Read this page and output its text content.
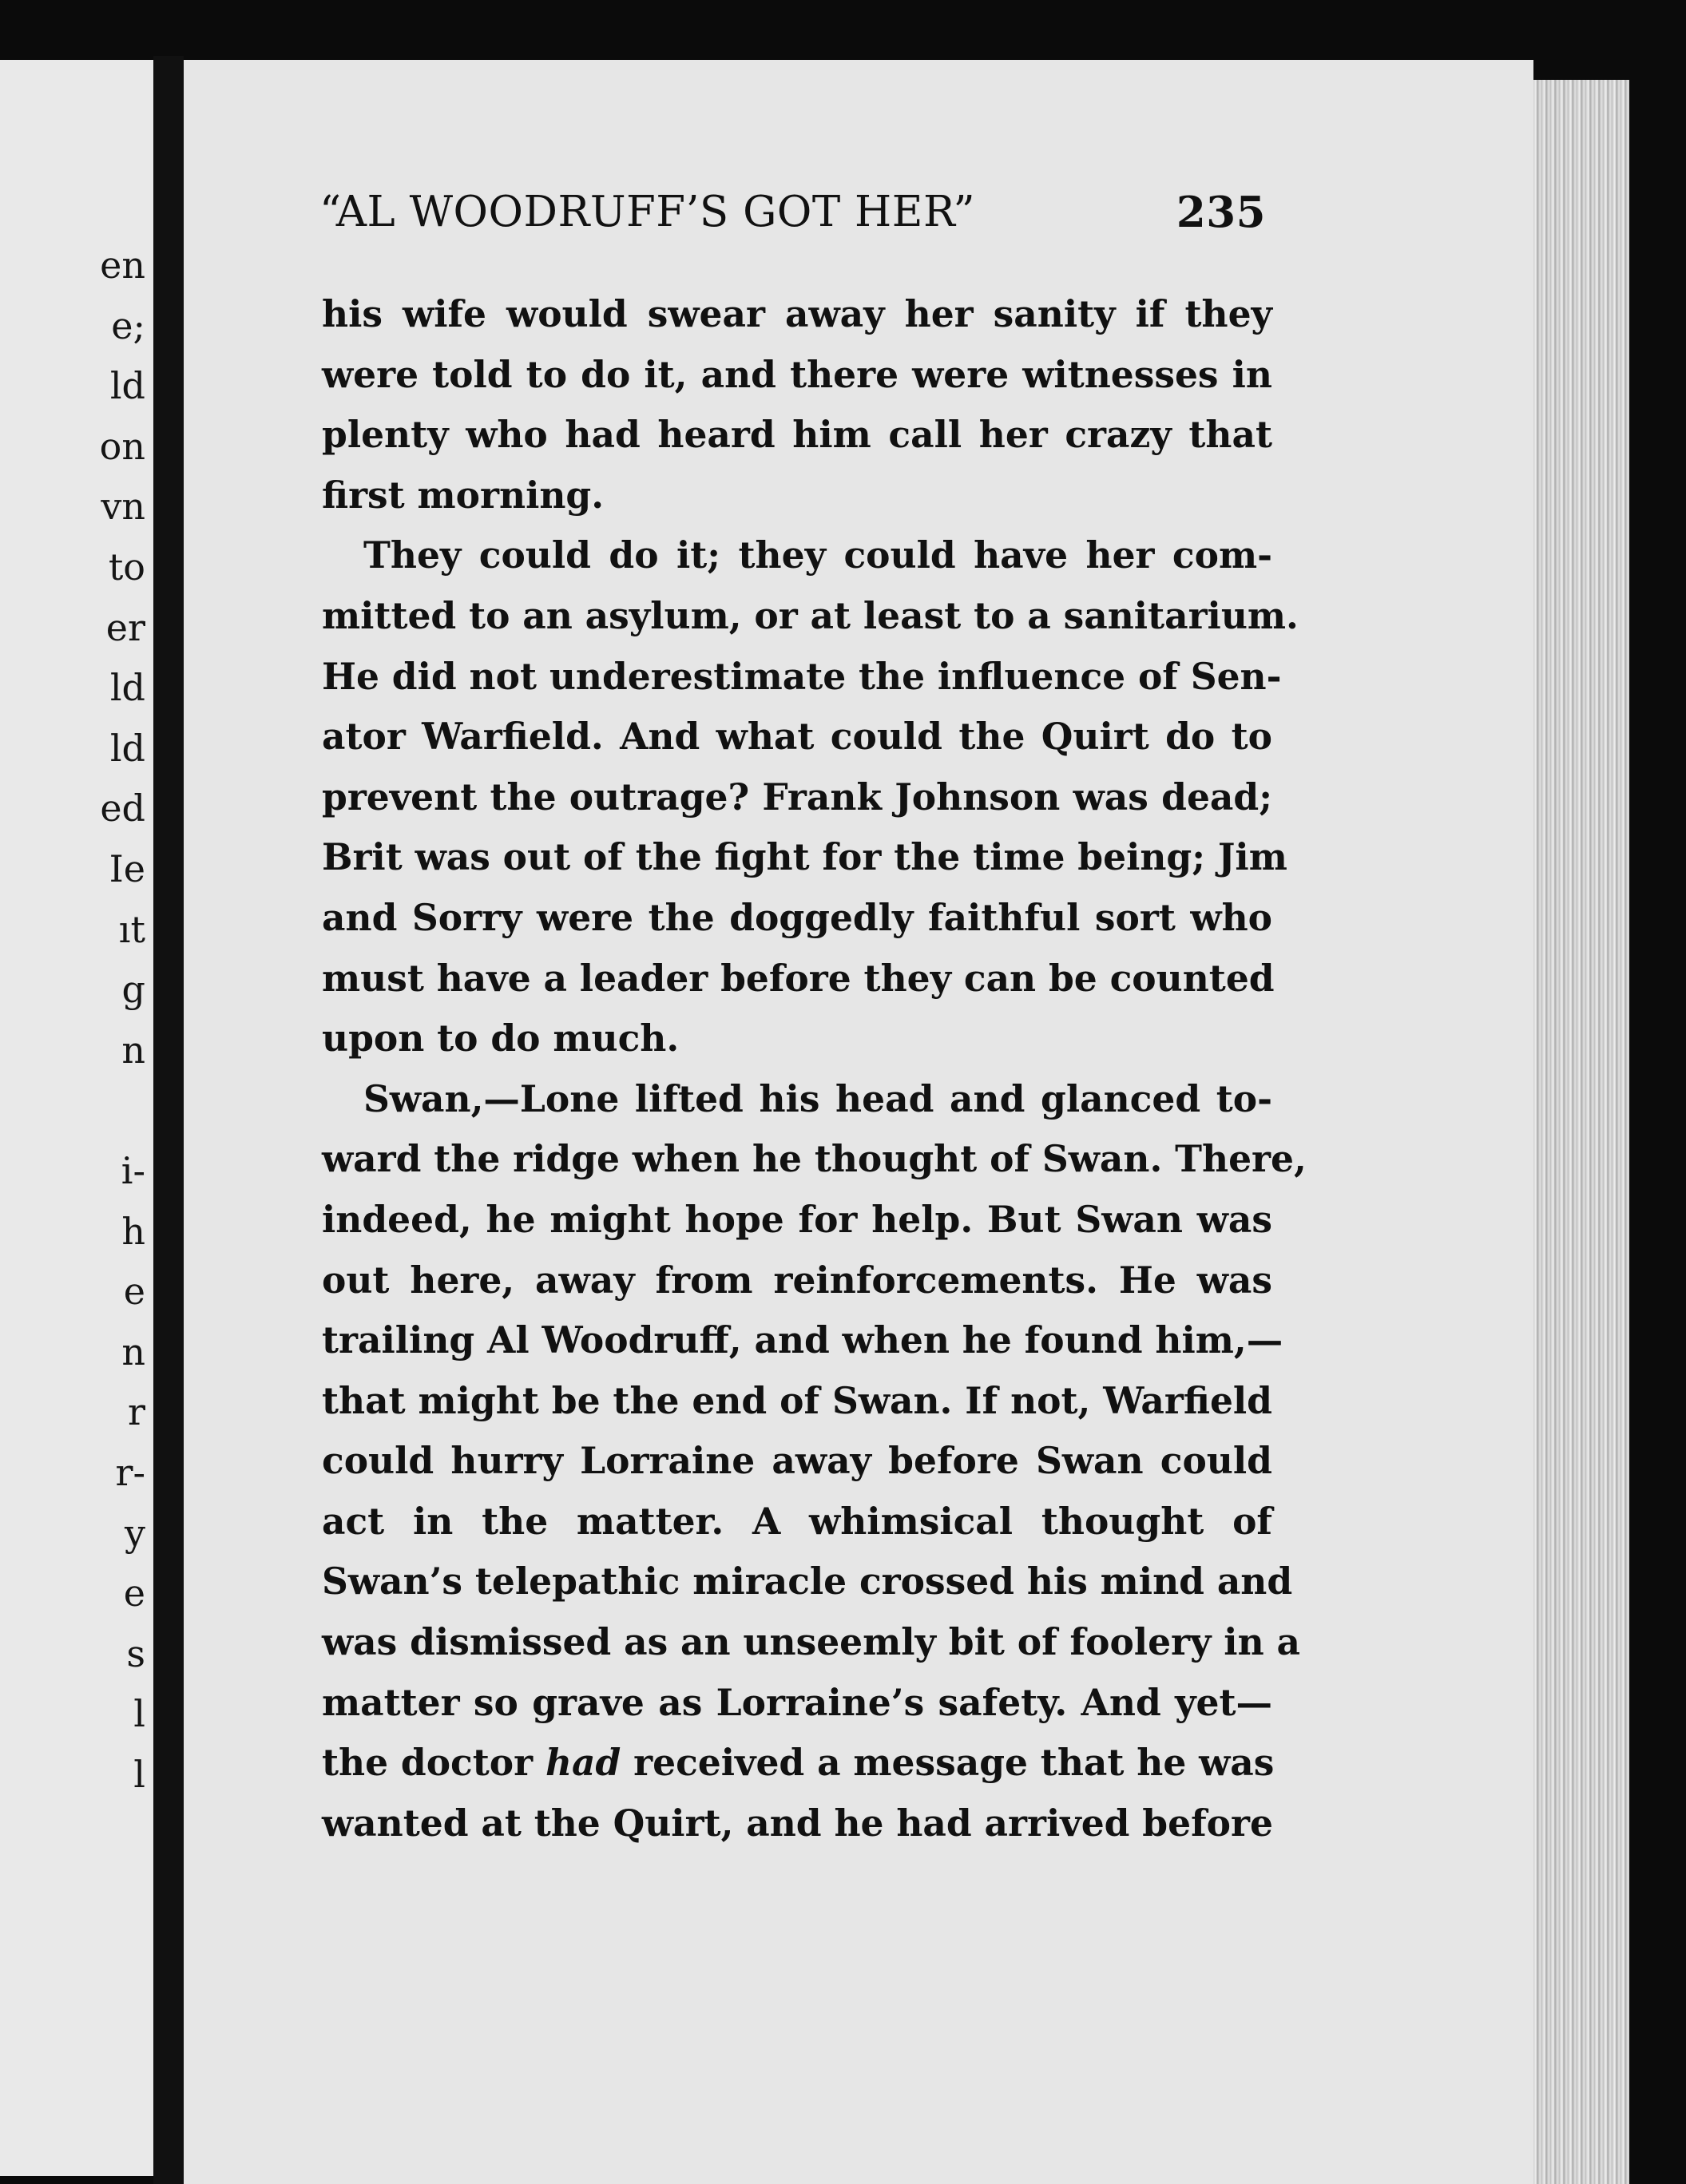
en
e;
ld
on
vn
to
er
ld
ld
ed
Ie
ıt
g
n
i-
h
e
n
r
r-
y
e
s
l
l
“AL WOODRUFF’S GOT HER”	235
his wife would swear away her sanity if they
were told to do it, and there were witnesses in
plenty who had heard him call her crazy that
first morning.
They could do it; they could have her com-
mitted to an asylum, or at least to a sanitarium.
He did not underestimate the influence of Sen-
ator Warfield. And what could the Quirt do to
prevent the outrage? Frank Johnson was dead;
Brit was out of the fight for the time being; Jim
and Sorry were the doggedly faithful sort who
must have a leader before they can be counted
upon to do much.
Swan,—Lone lifted his head and glanced to-
ward the ridge when he thought of Swan. There,
indeed, he might hope for help. But Swan was
out here, away from reinforcements. He was
trailing Al Woodruff, and when he found him,—
that might be the end of Swan. If not, Warfield
could hurry Lorraine away before Swan could
act in the matter. A whimsical thought of
Swan’s telepathic miracle crossed his mind and
was dismissed as an unseemly bit of foolery in a
matter so grave as Lorraine’s safety. And yet—
the doctor had received a message that he was
wanted at the Quirt, and he had arrived before
